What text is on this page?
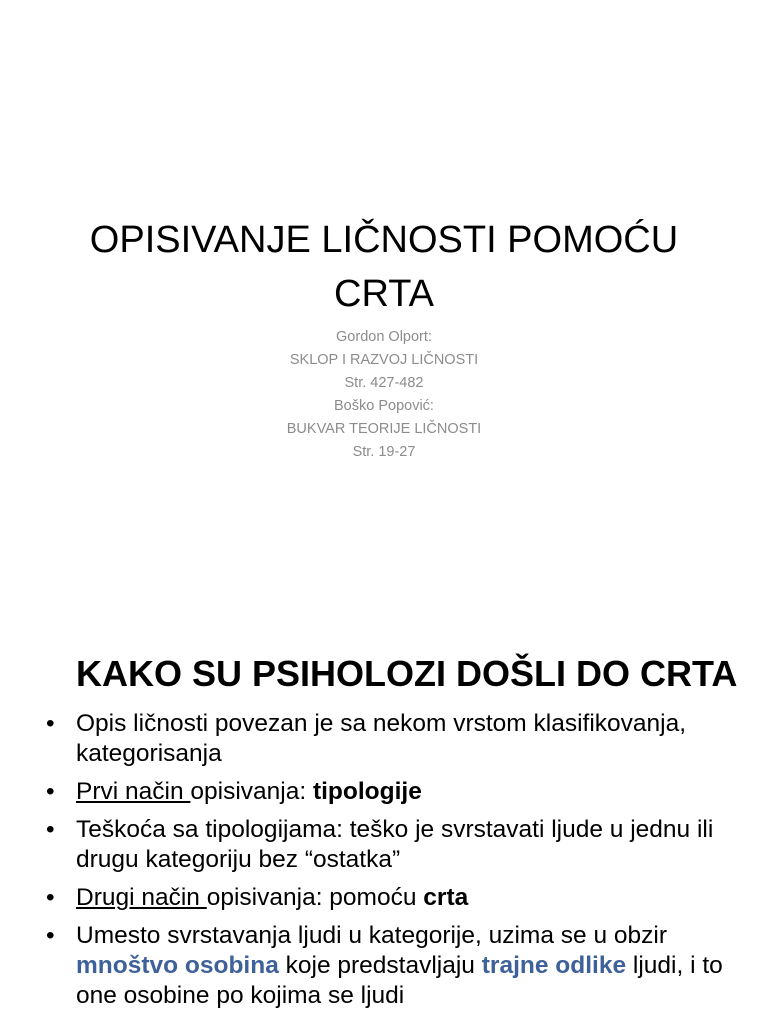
OPISIVANJE LIČNOSTI POMOĆU CRTA
Gordon Olport:
SKLOP I RAZVOJ LIČNOSTI
Str. 427-482
Boško Popović:
BUKVAR TEORIJE LIČNOSTI
Str. 19-27
KAKO SU PSIHOLOZI DOŠLI DO CRTA
• Opis ličnosti povezan je sa nekom vrstom klasifikovanja, kategorisanja
• Prvi način opisivanja: tipologije
• Teškoća sa tipologijama: teško je svrstavati ljude u jednu ili drugu kategoriju bez “ostatka”
• Drugi način opisivanja: pomoću crta
• Umesto svrstavanja ljudi u kategorije, uzima se u obzir mnoštvo osobina koje predstavljaju trajne odlike ljudi, i to one osobine po kojima se ljudi
